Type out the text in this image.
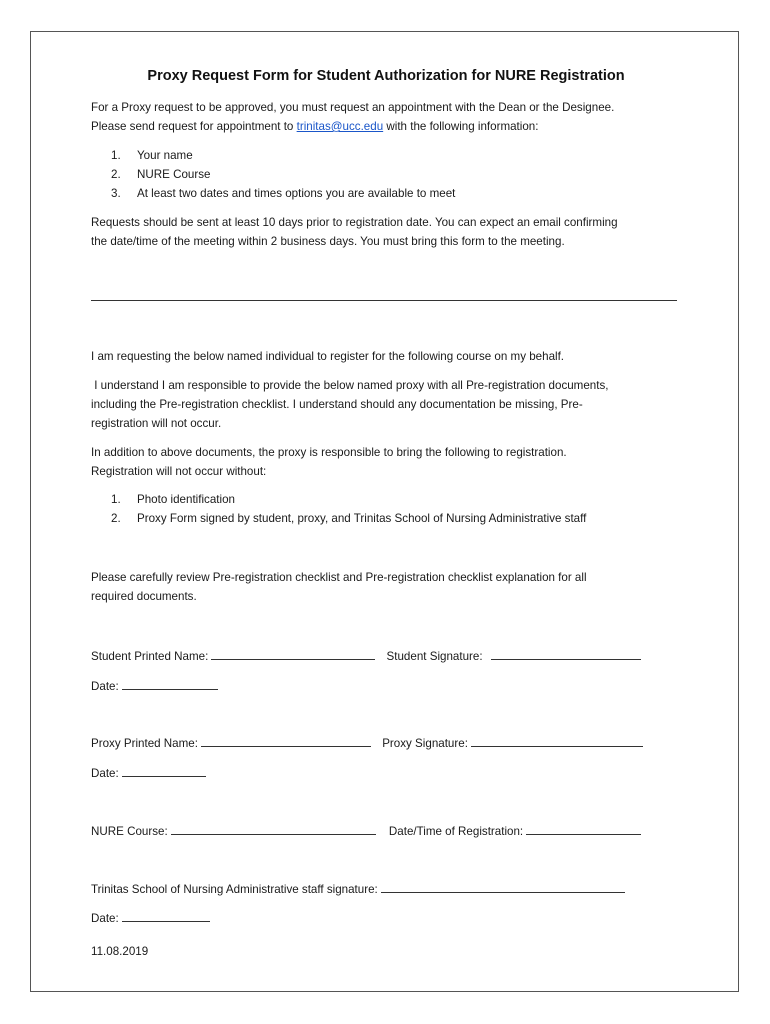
Proxy Request Form for Student Authorization for NURE Registration
For a Proxy request to be approved, you must request an appointment with the Dean or the Designee.
Please send request for appointment to trinitas@ucc.edu with the following information:
1.	Your name
2.	NURE Course
3.	At least two dates and times options you are available to meet
Requests should be sent at least 10 days prior to registration date. You can expect an email confirming
the date/time of the meeting within 2 business days. You must bring this form to the meeting.
I am requesting the below named individual to register for the following course on my behalf.
I understand I am responsible to provide the below named proxy with all Pre-registration documents,
including the Pre-registration checklist. I understand should any documentation be missing, Pre-
registration will not occur.
In addition to above documents, the proxy is responsible to bring the following to registration.
Registration will not occur without:
1.	Photo identification
2.	Proxy Form signed by student, proxy, and Trinitas School of Nursing Administrative staff
Please carefully review Pre-registration checklist and Pre-registration checklist explanation for all
required documents.
Student Printed Name:	Student Signature:
Date:
Proxy Printed Name:	Proxy Signature:
Date:
NURE Course:	Date/Time of Registration:
Trinitas School of Nursing Administrative staff signature:
Date:
11.08.2019
